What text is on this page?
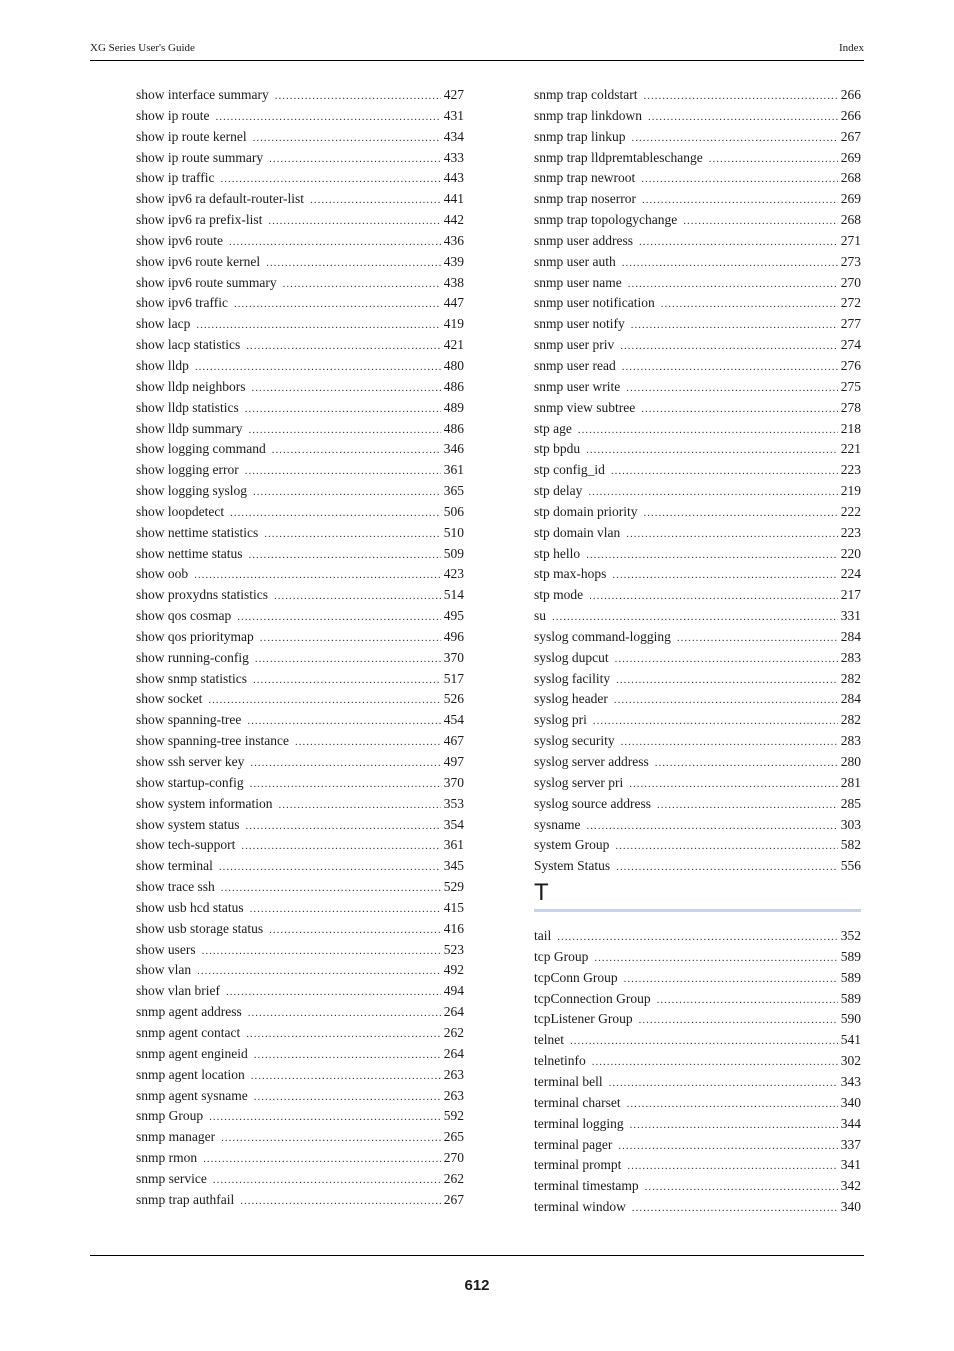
XG Series User's Guide	Index
show interface summary .....	427
show ip route .....	431
show ip route kernel .....	434
show ip route summary .....	433
show ip traffic .....	443
show ipv6 ra default-router-list .....	441
show ipv6 ra prefix-list .....	442
show ipv6 route .....	436
show ipv6 route kernel .....	439
show ipv6 route summary .....	438
show ipv6 traffic .....	447
show lacp .....	419
show lacp statistics .....	421
show lldp .....	480
show lldp neighbors .....	486
show lldp statistics .....	489
show lldp summary .....	486
show logging command .....	346
show logging error .....	361
show logging syslog .....	365
show loopdetect .....	506
show nettime statistics .....	510
show nettime status .....	509
show oob .....	423
show proxydns statistics .....	514
show qos cosmap .....	495
show qos prioritymap .....	496
show running-config .....	370
show snmp statistics .....	517
show socket .....	526
show spanning-tree .....	454
show spanning-tree instance .....	467
show ssh server key .....	497
show startup-config .....	370
show system information .....	353
show system status .....	354
show tech-support .....	361
show terminal .....	345
show trace ssh .....	529
show usb hcd status .....	415
show usb storage status .....	416
show users .....	523
show vlan .....	492
show vlan brief .....	494
snmp agent address .....	264
snmp agent contact .....	262
snmp agent engineid .....	264
snmp agent location .....	263
snmp agent sysname .....	263
snmp Group .....	592
snmp manager .....	265
snmp rmon .....	270
snmp service .....	262
snmp trap authfail .....	267
snmp trap coldstart .....	266
snmp trap linkdown .....	266
snmp trap linkup .....	267
snmp trap lldpremtableschange .....	269
snmp trap newroot .....	268
snmp trap noserror .....	269
snmp trap topologychange .....	268
snmp user address .....	271
snmp user auth .....	273
snmp user name .....	270
snmp user notification .....	272
snmp user notify .....	277
snmp user priv .....	274
snmp user read .....	276
snmp user write .....	275
snmp view subtree .....	278
stp age .....	218
stp bpdu .....	221
stp config_id .....	223
stp delay .....	219
stp domain priority .....	222
stp domain vlan .....	223
stp hello .....	220
stp max-hops .....	224
stp mode .....	217
su .....	331
syslog command-logging .....	284
syslog dupcut .....	283
syslog facility .....	282
syslog header .....	284
syslog pri .....	282
syslog security .....	283
syslog server address .....	280
syslog server pri .....	281
syslog source address .....	285
sysname .....	303
system Group .....	582
System Status .....	556
T
tail .....	352
tcp Group .....	589
tcpConn Group .....	589
tcpConnection Group .....	589
tcpListener Group .....	590
telnet .....	541
telnetinfo .....	302
terminal bell .....	343
terminal charset .....	340
terminal logging .....	344
terminal pager .....	337
terminal prompt .....	341
terminal timestamp .....	342
terminal window .....	340
612
